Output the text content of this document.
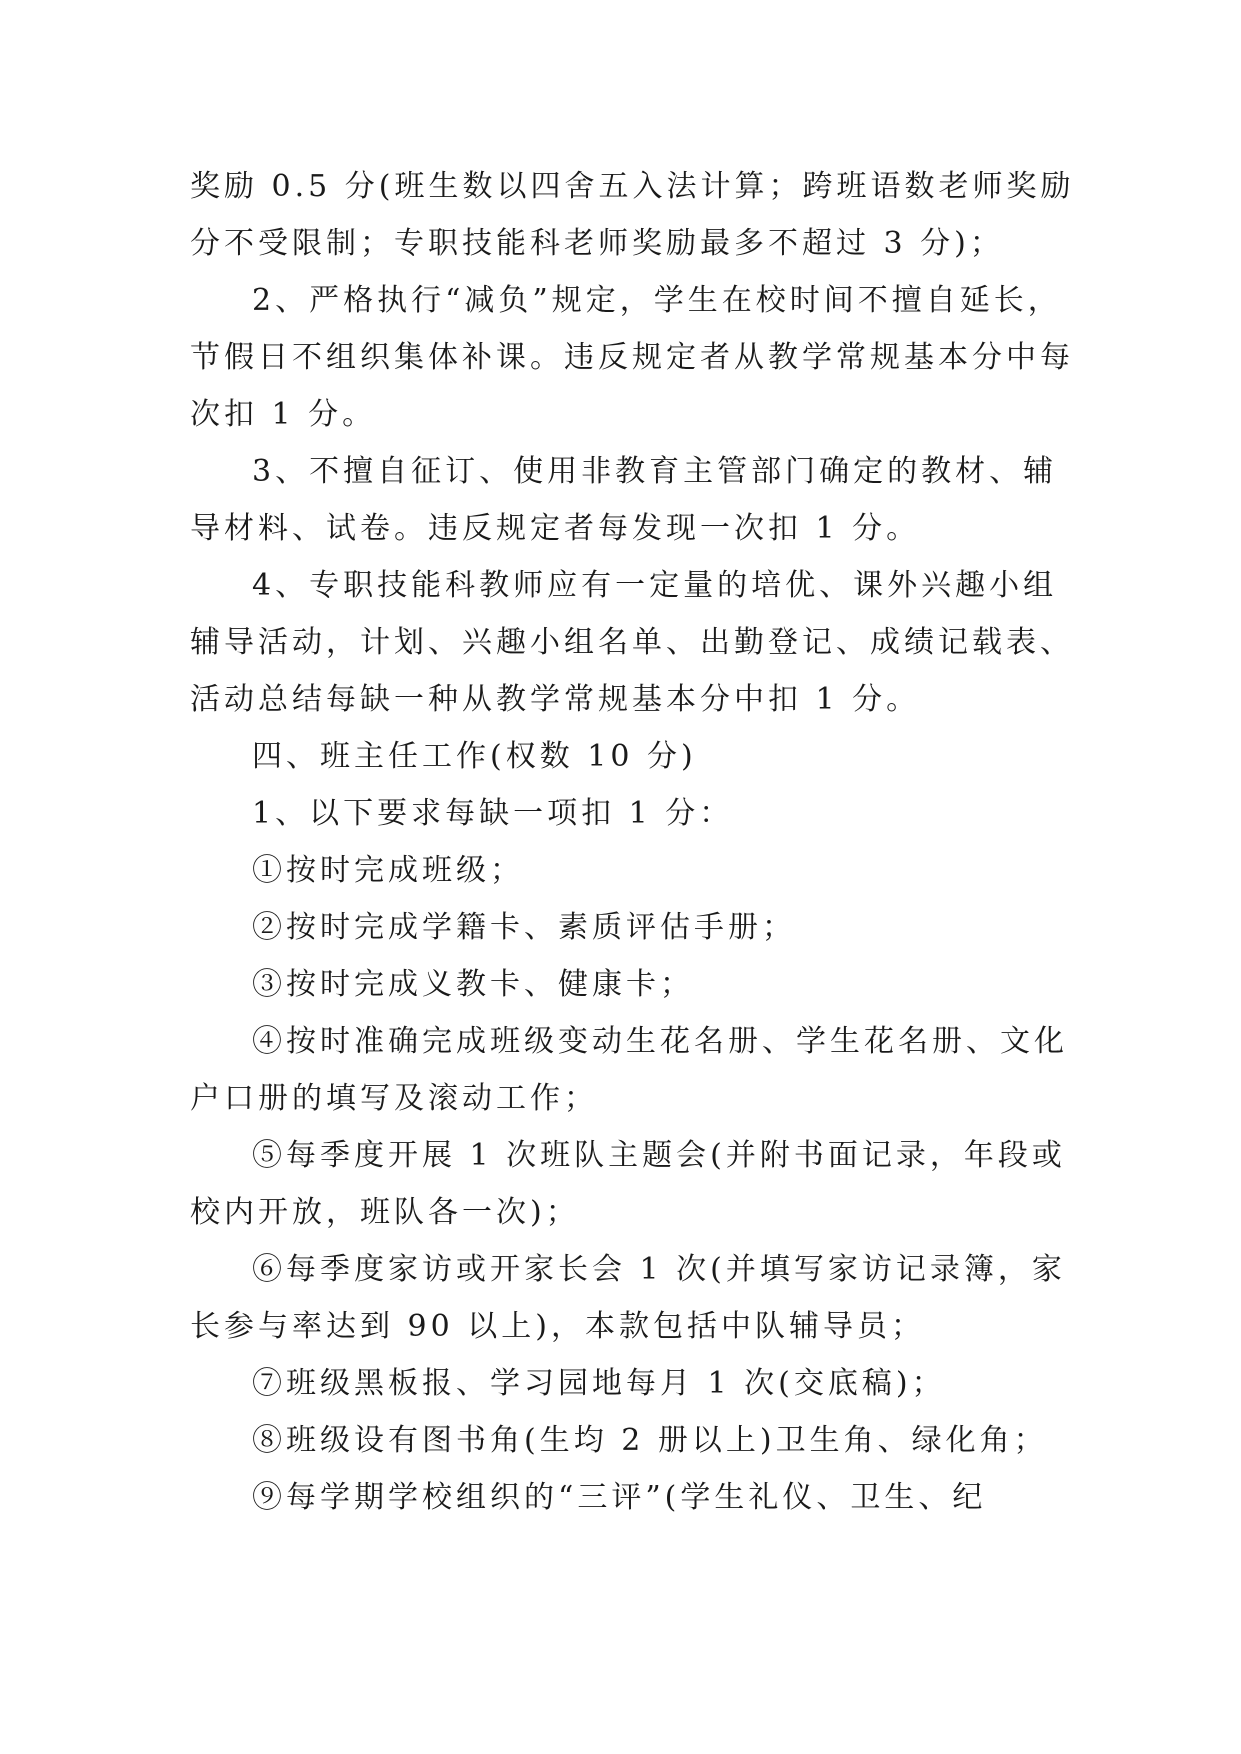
奖励 0.5 分(班生数以四舍五入法计算；跨班语数老师奖励
分不受限制；专职技能科老师奖励最多不超过 3 分)；
2、严格执行“减负”规定，学生在校时间不擅自延长，
节假日不组织集体补课。违反规定者从教学常规基本分中每
次扣 1 分。
3、不擅自征订、使用非教育主管部门确定的教材、辅
导材料、试卷。违反规定者每发现一次扣 1 分。
4、专职技能科教师应有一定量的培优、课外兴趣小组
辅导活动，计划、兴趣小组名单、出勤登记、成绩记载表、
活动总结每缺一种从教学常规基本分中扣 1 分。
四、班主任工作(权数 10 分)
1、以下要求每缺一项扣 1 分：
①按时完成班级；
②按时完成学籍卡、素质评估手册；
③按时完成义教卡、健康卡；
④按时准确完成班级变动生花名册、学生花名册、文化
户口册的填写及滚动工作；
⑤每季度开展 1 次班队主题会(并附书面记录，年段或
校内开放，班队各一次)；
⑥每季度家访或开家长会 1 次(并填写家访记录簿，家
长参与率达到 90 以上)，本款包括中队辅导员；
⑦班级黑板报、学习园地每月 1 次(交底稿)；
⑧班级设有图书角(生均 2 册以上)卫生角、绿化角；
⑨每学期学校组织的“三评”(学生礼仪、卫生、纪
